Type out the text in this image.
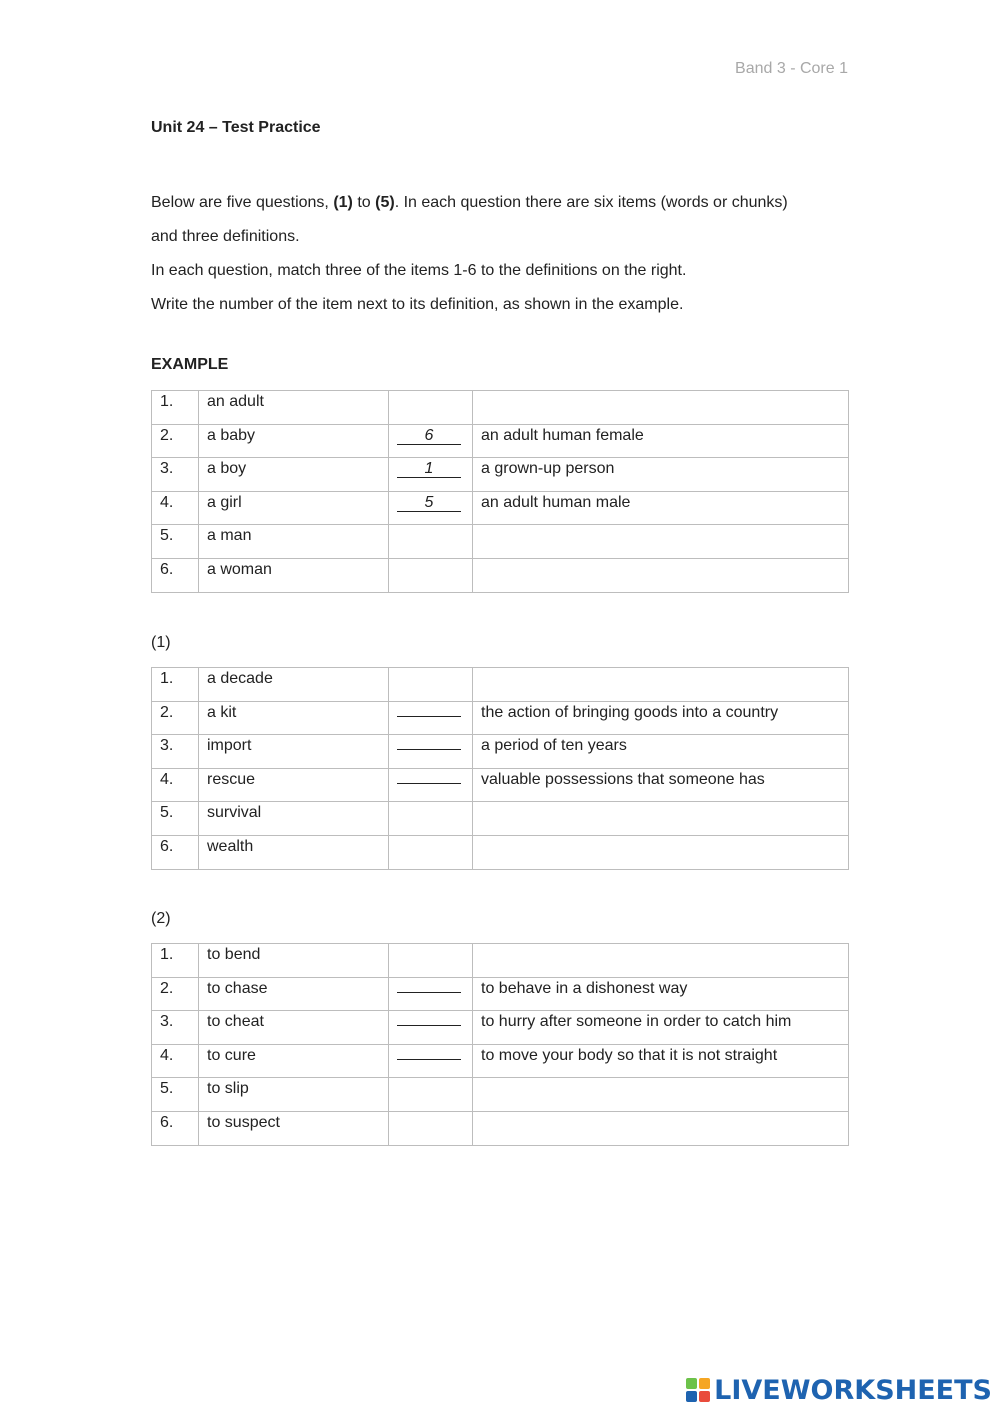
Band 3 - Core 1
Unit 24 – Test Practice

Below are five questions, (1) to (5). In each question there are six items (words or chunks)

and three definitions.

In each question, match three of the items 1-6 to the definitions on the right.

Write the number of the item next to its definition, as shown in the example.

EXAMPLE
1.	an adult		
2.	a baby	6	an adult human female
3.	a boy	1	a grown-up person
4.	a girl	5	an adult human male
5.	a man		
6.	a woman		
(1)
1.	a decade		
2.	a kit		the action of bringing goods into a country
3.	import		a period of ten years
4.	rescue		valuable possessions that someone has
5.	survival		
6.	wealth		
(2)
1.	to bend		
2.	to chase		to behave in a dishonest way
3.	to cheat		to hurry after someone in order to catch him
4.	to cure		to move your body so that it is not straight
5.	to slip		
6.	to suspect		
LIVEWORKSHEETS
